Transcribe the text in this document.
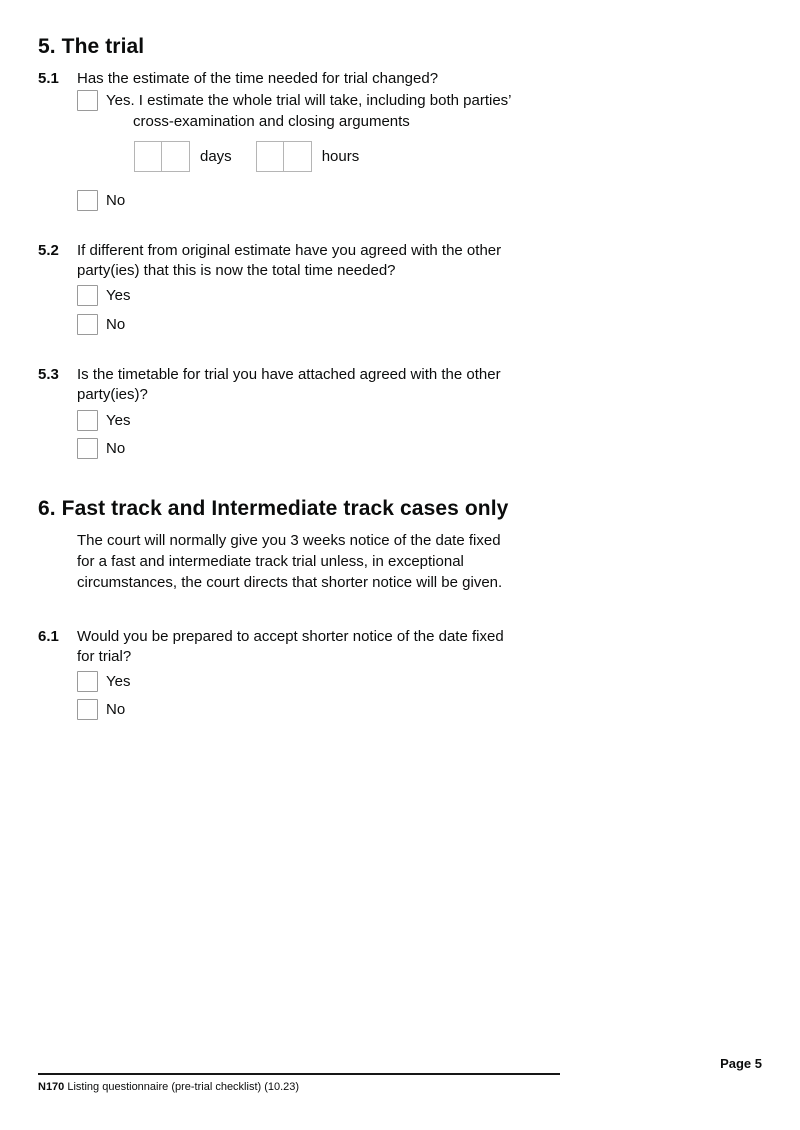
5. The trial
5.1	Has the estimate of the time needed for trial changed?
Yes. I estimate the whole trial will take, including both parties’
cross-examination and closing arguments
days	hours
No
5.2	If different from original estimate have you agreed with the other
party(ies) that this is now the total time needed?
Yes
No
5.3	Is the timetable for trial you have attached agreed with the other
party(ies)?
Yes
No
6. Fast track and Intermediate track cases only
The court will normally give you 3 weeks notice of the date fixed
for a fast and intermediate track trial unless, in exceptional
circumstances, the court directs that shorter notice will be given.
6.1	Would you be prepared to accept shorter notice of the date fixed
for trial?
Yes
No
Page 5
N170 Listing questionnaire (pre-trial checklist) (10.23)
